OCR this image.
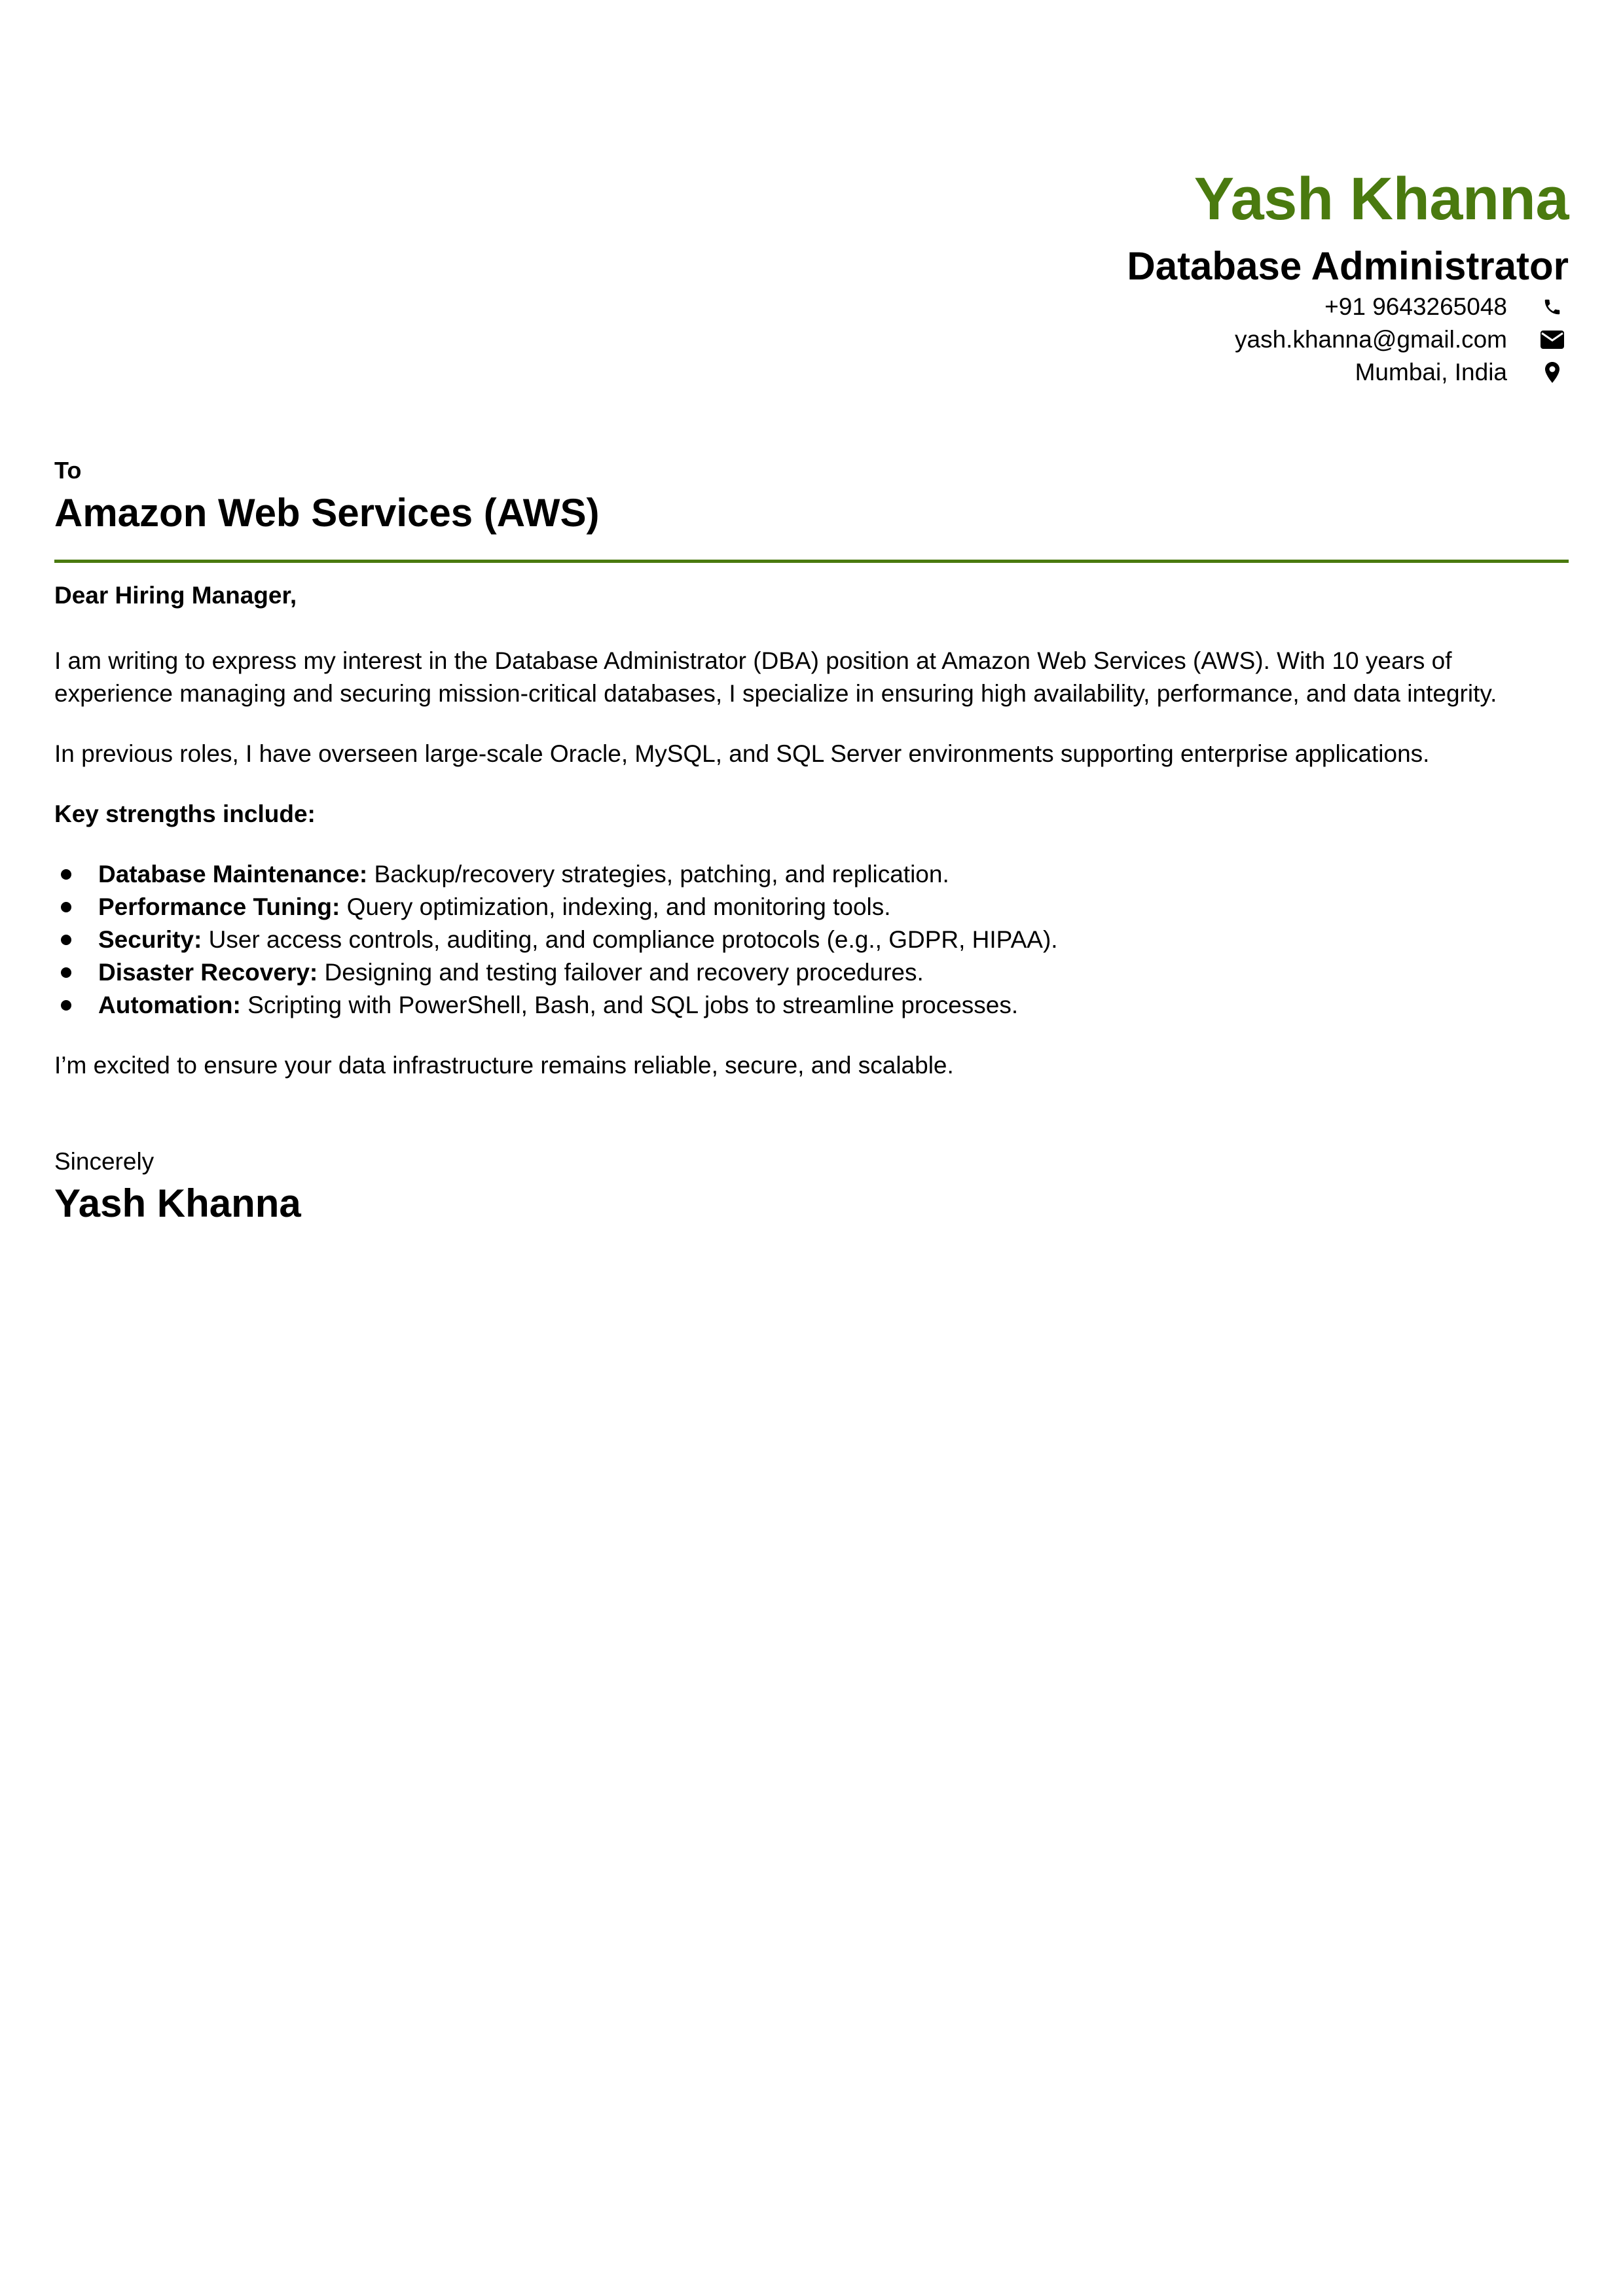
Yash Khanna
Database Administrator
+91 9643265048
yash.khanna@gmail.com
Mumbai, India
To
Amazon Web Services (AWS)

Dear Hiring Manager,

I am writing to express my interest in the Database Administrator (DBA) position at Amazon Web Services (AWS). With 10 years of experience managing and securing mission-critical databases, I specialize in ensuring high availability, performance, and data integrity.

In previous roles, I have overseen large-scale Oracle, MySQL, and SQL Server environments supporting enterprise applications.

Key strengths include:

Database Maintenance: Backup/recovery strategies, patching, and replication.
Performance Tuning: Query optimization, indexing, and monitoring tools.
Security: User access controls, auditing, and compliance protocols (e.g., GDPR, HIPAA).
Disaster Recovery: Designing and testing failover and recovery procedures.
Automation: Scripting with PowerShell, Bash, and SQL jobs to streamline processes.

I’m excited to ensure your data infrastructure remains reliable, secure, and scalable.

Sincerely
Yash Khanna
